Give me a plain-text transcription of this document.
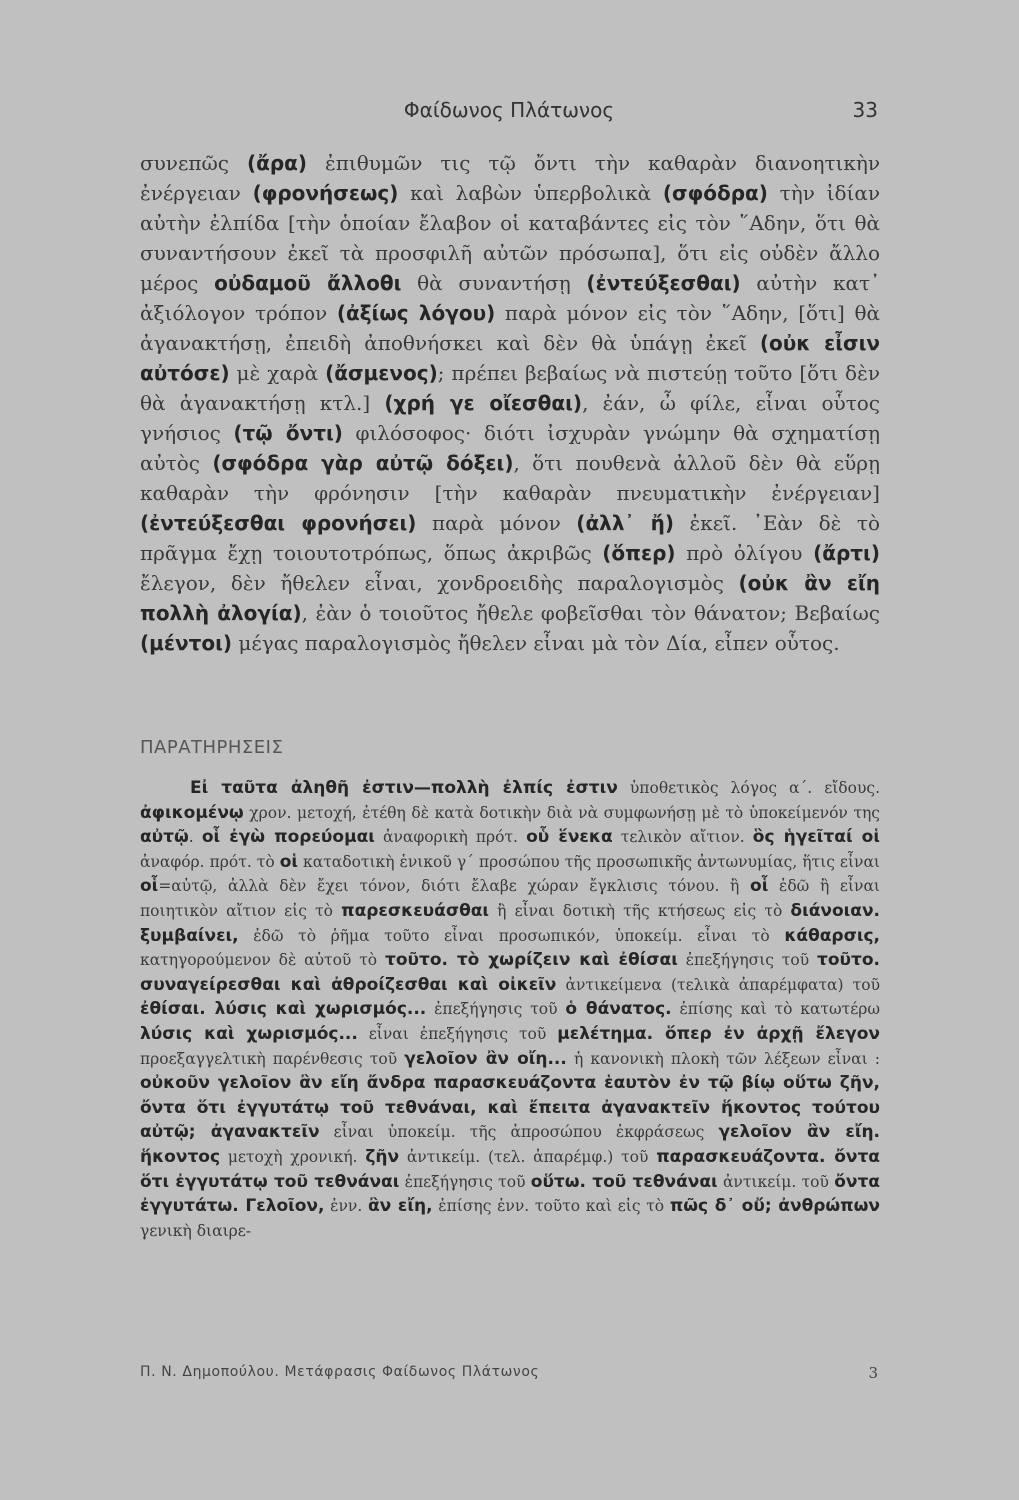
Φαίδωνος Πλάτωνος	33

συνεπῶς (ἄρα) ἐπιθυμῶν τις τῷ ὄντι τὴν καθαρὰν διανοητικὴν ἐνέργειαν (φρονήσεως) καὶ λαβὼν ὑπερβολικὰ (σφόδρα) τὴν ἰδίαν αὐτὴν ἐλπίδα [τὴν ὁποίαν ἔλαβον οἱ καταβάντες εἰς τὸν ῞Αδην, ὅτι θὰ συναντήσουν ἐκεῖ τὰ προσφιλῆ αὐτῶν πρόσωπα], ὅτι εἰς οὐδὲν ἄλλο μέρος οὐδαμοῦ ἄλλοθι θὰ συναντήσῃ (ἐντεύξεσθαι) αὐτὴν κατ᾿ ἀξιόλογον τρόπον (ἀξίως λόγου) παρὰ μόνον εἰς τὸν ῞Αδην, [ὅτι] θὰ ἀγανακτήσῃ, ἐπειδὴ ἀποθνήσκει καὶ δὲν θὰ ὑπάγῃ ἐκεῖ (οὐκ εἶσιν αὐτόσε) μὲ χαρὰ (ἄσμενος); πρέπει βεβαίως νὰ πιστεύῃ τοῦτο [ὅτι δὲν θὰ ἀγανακτήσῃ κτλ.] (χρή γε οἴεσθαι), ἐάν, ὦ φίλε, εἶναι οὗτος γνήσιος (τῷ ὄντι) φιλόσοφος· διότι ἰσχυρὰν γνώμην θὰ σχηματίσῃ αὐτὸς (σφόδρα γὰρ αὐτῷ δόξει), ὅτι πουθενὰ ἀλλοῦ δὲν θὰ εὕρῃ καθαρὰν τὴν φρόνησιν [τὴν καθαρὰν πνευματικὴν ἐνέργειαν] (ἐντεύξεσθαι φρονήσει) παρὰ μόνον (ἀλλ᾿ ἤ) ἐκεῖ. ᾿Εὰν δὲ τὸ πρᾶγμα ἔχῃ τοιουτοτρόπως, ὅπως ἀκριβῶς (ὅπερ) πρὸ ὀλίγου (ἄρτι) ἔλεγον, δὲν ἤθελεν εἶναι, χονδροειδὴς παραλογισμὸς (οὐκ ἂν εἴη πολλὴ ἀλογία), ἐὰν ὁ τοιοῦτος ἤθελε φοβεῖσθαι τὸν θάνατον; Βεβαίως (μέντοι) μέγας παραλογισμὸς ἤθελεν εἶναι μὰ τὸν Δία, εἶπεν οὗτος.

ΠΑΡΑΤΗΡΗΣΕΙΣ

Εἰ ταῦτα ἀληθῆ ἐστιν—πολλὴ ἐλπίς ἐστιν ὑποθετικὸς λόγος α΄. εἴδους. ἀφικομένῳ χρον. μετοχή, ἐτέθη δὲ κατὰ δοτικὴν διὰ νὰ συμφωνήσῃ μὲ τὸ ὑποκείμενόν της αὐτῷ. οἷ ἐγὼ πορεύομαι ἀναφορικὴ πρότ. οὗ ἕνεκα τελικὸν αἴτιον. ὃς ἡγεῖταί οἱ ἀναφόρ. πρότ. τὸ οἱ καταδοτικὴ ἑνικοῦ γ΄ προσώπου τῆς προσωπικῆς ἀντωνυμίας, ἥτις εἶναι οἷ=αὐτῷ, ἀλλὰ δὲν ἔχει τόνον, διότι ἔλαβε χώραν ἔγκλισις τόνου. ἢ οἷ ἐδῶ ἢ εἶναι ποιητικὸν αἴτιον εἰς τὸ παρεσκευάσθαι ἢ εἶναι δοτικὴ τῆς κτήσεως εἰς τὸ διάνοιαν. ξυμβαίνει, ἐδῶ τὸ ῥῆμα τοῦτο εἶναι προσωπικόν, ὑποκείμ. εἶναι τὸ κάθαρσις, κατηγορούμενον δὲ αὐτοῦ τὸ τοῦτο. τὸ χωρίζειν καὶ ἐθίσαι ἐπεξήγησις τοῦ τοῦτο. συναγείρεσθαι καὶ ἀθροίζεσθαι καὶ οἰκεῖν ἀντικείμενα (τελικὰ ἀπαρέμφατα) τοῦ ἐθίσαι. λύσις καὶ χωρισμός... ἐπεξήγησις τοῦ ὁ θάνατος. ἐπίσης καὶ τὸ κατωτέρω λύσις καὶ χωρισμός... εἶναι ἐπεξήγησις τοῦ μελέτημα. ὅπερ ἐν ἀρχῇ ἔλεγον προεξαγγελτικὴ παρένθεσις τοῦ γελοῖον ἂν οἴη... ἡ κανονικὴ πλοκὴ τῶν λέξεων εἶναι : οὐκοῦν γελοῖον ἂν εἴη ἄνδρα παρασκευάζοντα ἑαυτὸν ἐν τῷ βίῳ οὕτω ζῆν, ὄντα ὅτι ἐγγυτάτῳ τοῦ τεθνάναι, καὶ ἔπειτα ἀγανακτεῖν ἥκοντος τούτου αὐτῷ; ἀγανακτεῖν εἶναι ὑποκείμ. τῆς ἀπροσώπου ἐκφράσεως γελοῖον ἂν εἴη. ἥκοντος μετοχὴ χρονική. ζῆν ἀντικείμ. (τελ. ἀπαρέμφ.) τοῦ παρασκευάζοντα. ὄντα ὅτι ἐγγυτάτῳ τοῦ τεθνάναι ἐπεξήγησις τοῦ οὕτω. τοῦ τεθνάναι ἀντικείμ. τοῦ ὄντα ἐγγυτάτω. Γελοῖον, ἐνν. ἂν εἴη, ἐπίσης ἐνν. τοῦτο καὶ εἰς τὸ πῶς δ᾿ οὔ; ἀνθρώπων γενικὴ διαιρε-

Π. Ν. Δημοπούλου. Μετάφρασις Φαίδωνος Πλάτωνος	3
